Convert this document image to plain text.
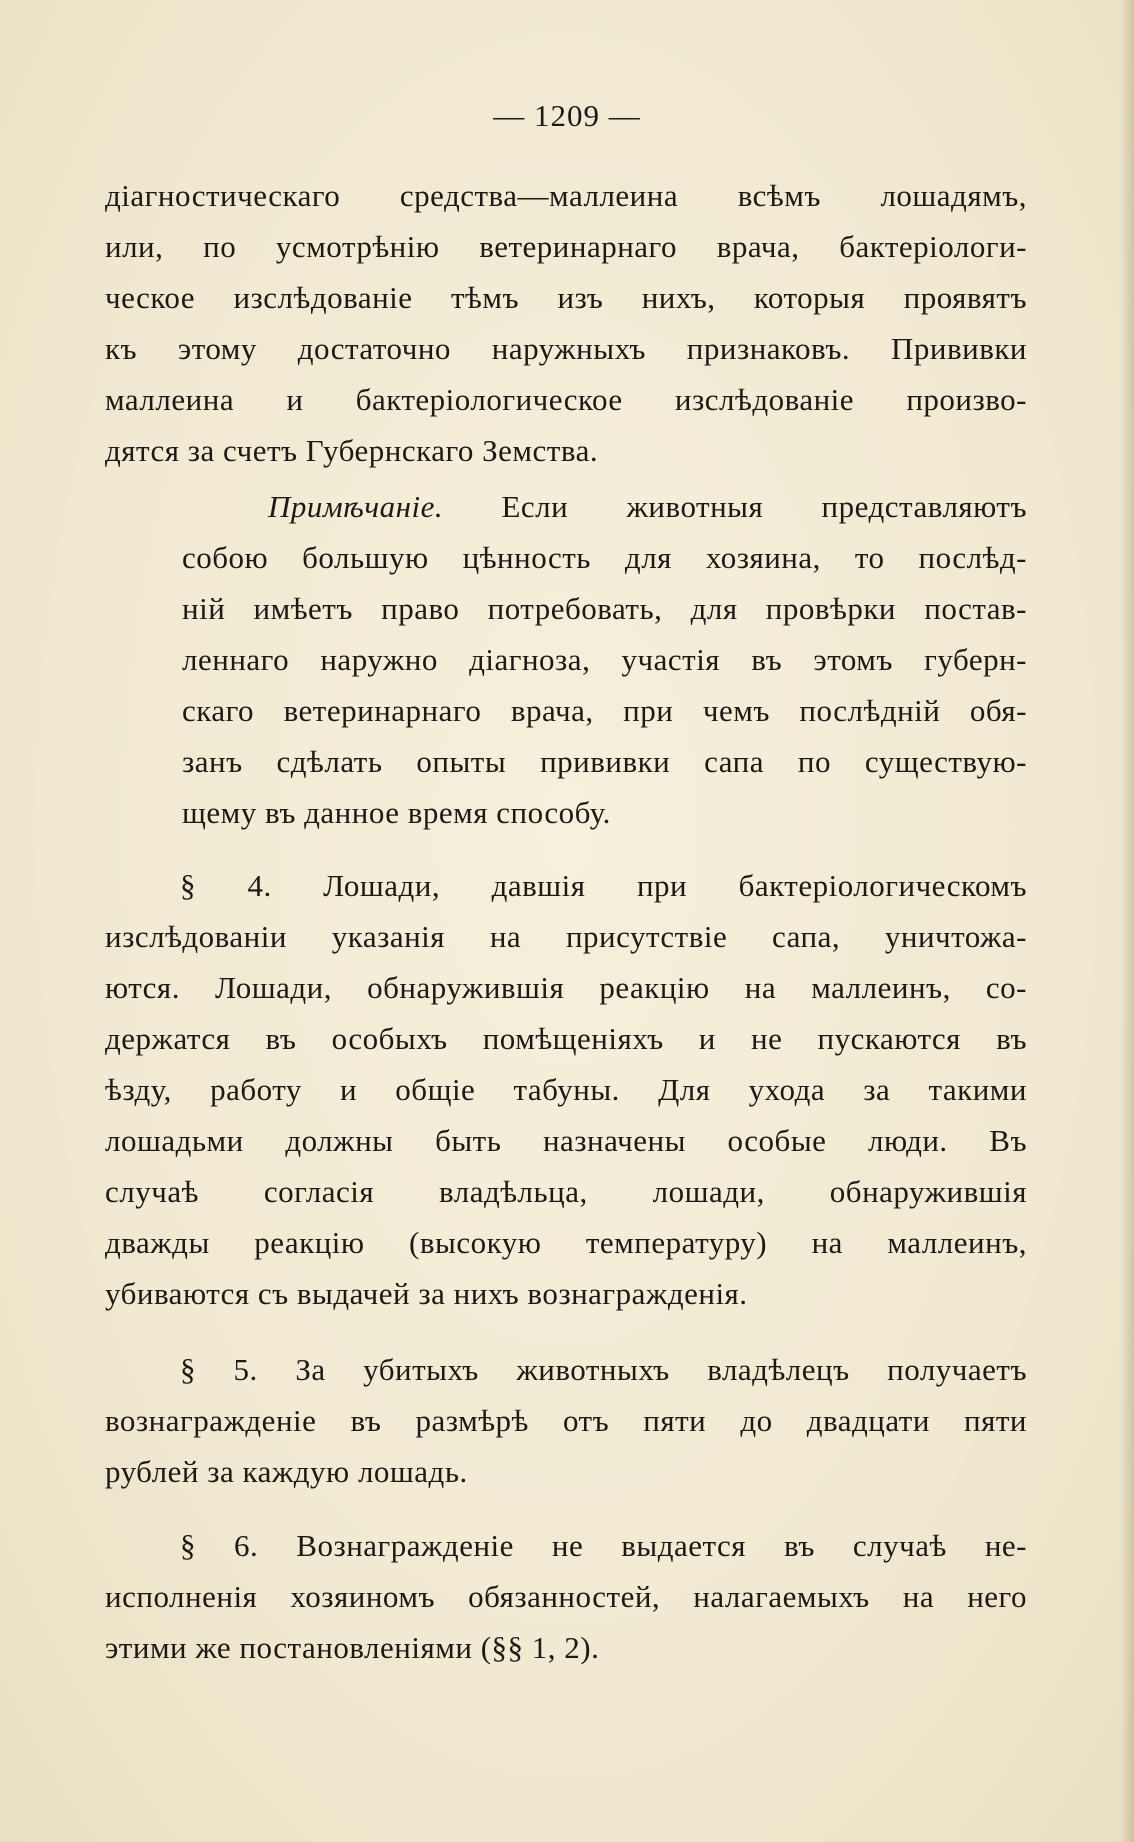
— 1209 —
діагностическаго средства—маллеина всѣмъ лошадямъ,
или, по усмотрѣнію ветеринарнаго врача, бактеріологи-
ческое изслѣдованіе тѣмъ изъ нихъ, которыя проявятъ
къ этому достаточно наружныхъ признаковъ. Прививки
маллеина и бактеріологическое изслѣдованіе произво-
дятся за счетъ Губернскаго Земства.
Примѣчаніе. Если животныя представляютъ
собою большую цѣнность для хозяина, то послѣд-
ній имѣетъ право потребовать, для провѣрки постав-
леннаго наружно діагноза, участія въ этомъ губерн-
скаго ветеринарнаго врача, при чемъ послѣдній обя-
занъ сдѣлать опыты прививки сапа по существую-
щему въ данное время способу.
§ 4. Лошади, давшія при бактеріологическомъ
изслѣдованіи указанія на присутствіе сапа, уничтожа-
ются. Лошади, обнаружившія реакцію на маллеинъ, со-
держатся въ особыхъ помѣщеніяхъ и не пускаются въ
ѣзду, работу и общіе табуны. Для ухода за такими
лошадьми должны быть назначены особые люди. Въ
случаѣ согласія владѣльца, лошади, обнаружившія
дважды реакцію (высокую температуру) на маллеинъ,
убиваются съ выдачей за нихъ вознагражденія.
§ 5. За убитыхъ животныхъ владѣлецъ получаетъ
вознагражденіе въ размѣрѣ отъ пяти до двадцати пяти
рублей за каждую лошадь.
§ 6. Вознагражденіе не выдается въ случаѣ не-
исполненія хозяиномъ обязанностей, налагаемыхъ на него
этими же постановленіями (§§ 1, 2).
